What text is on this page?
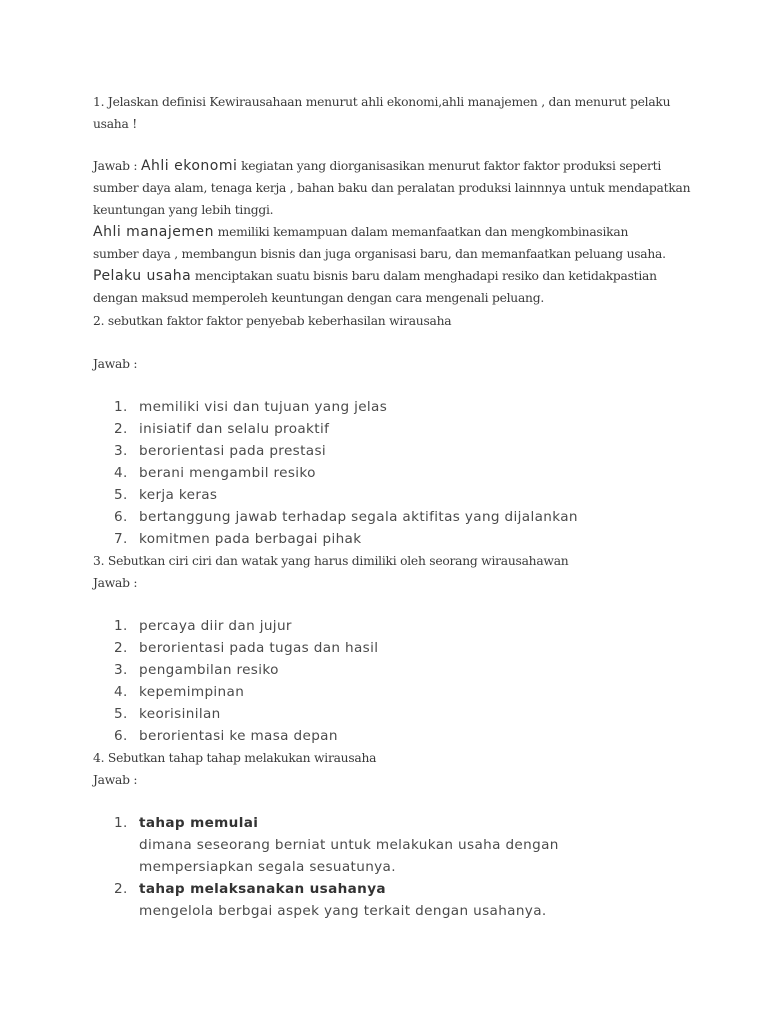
1. Jelaskan definisi Kewirausahaan menurut ahli ekonomi,ahli manajemen , dan menurut pelaku
usaha !
Jawab : Ahli ekonomi kegiatan yang diorganisasikan menurut faktor faktor produksi seperti
sumber daya alam, tenaga kerja , bahan baku dan peralatan produksi lainnnya untuk mendapatkan
keuntungan yang lebih tinggi.
Ahli manajemen memiliki kemampuan dalam memanfaatkan dan mengkombinasikan
sumber daya , membangun bisnis dan juga organisasi baru, dan memanfaatkan peluang usaha.
Pelaku usaha menciptakan suatu bisnis baru dalam menghadapi resiko dan ketidakpastian
dengan maksud memperoleh keuntungan dengan cara mengenali peluang.
2. sebutkan faktor faktor penyebab keberhasilan wirausaha
Jawab :
1. memiliki visi dan tujuan yang jelas
2. inisiatif dan selalu proaktif
3. berorientasi pada prestasi
4. berani mengambil resiko
5. kerja keras
6. bertanggung jawab terhadap segala aktifitas yang dijalankan
7. komitmen pada berbagai pihak
3. Sebutkan ciri ciri dan watak yang harus dimiliki oleh seorang wirausahawan
Jawab :
1. percaya diir dan jujur
2. berorientasi pada tugas dan hasil
3. pengambilan resiko
4. kepemimpinan
5. keorisinilan
6. berorientasi ke masa depan
4. Sebutkan tahap tahap melakukan wirausaha
Jawab :
1. tahap memulai
dimana seseorang berniat untuk melakukan usaha dengan
mempersiapkan segala sesuatunya.
2. tahap melaksanakan usahanya
mengelola berbgai aspek yang terkait dengan usahanya.
